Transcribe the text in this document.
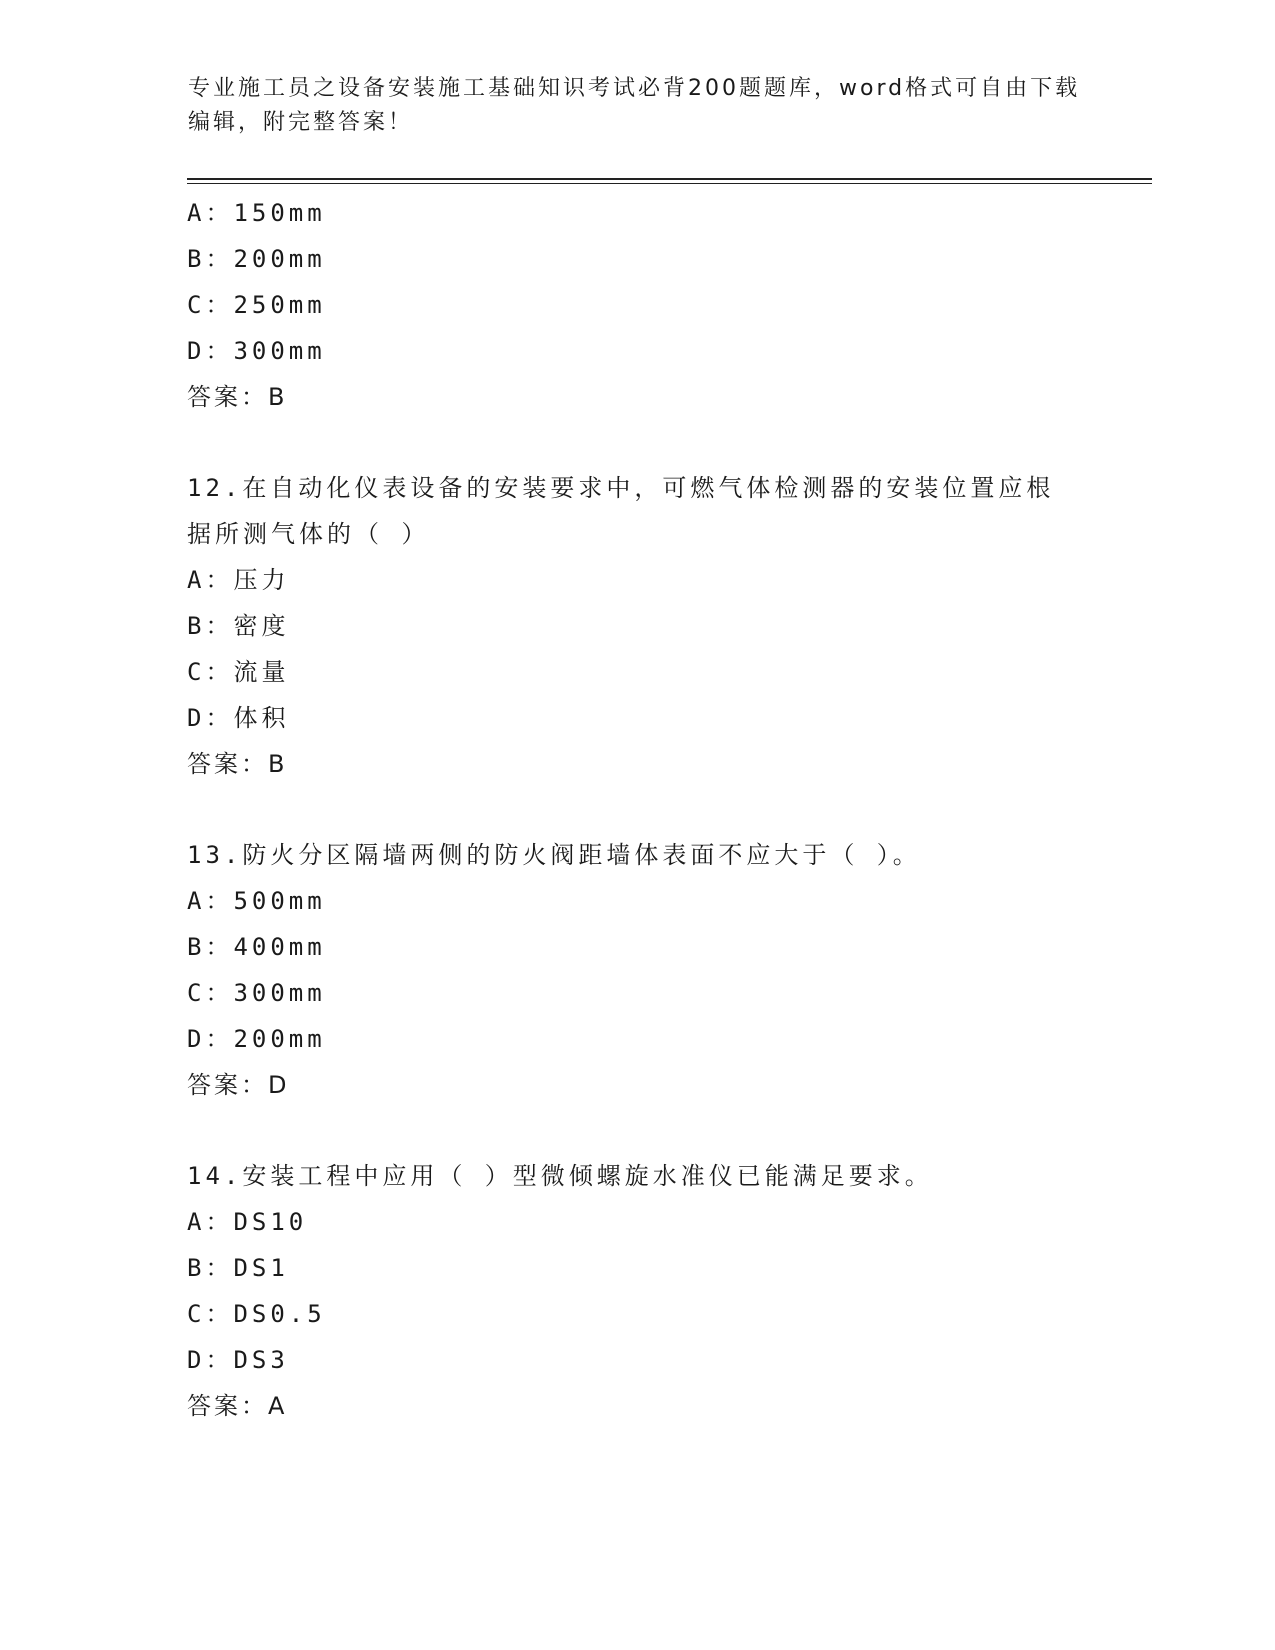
专业施工员之设备安装施工基础知识考试必背200题题库，word格式可自由下载
编辑，附完整答案！
A：150mm
B：200mm
C：250mm
D：300mm
答案：B
12.在自动化仪表设备的安装要求中，可燃气体检测器的安装位置应根
据所测气体的（ ）
A：压力
B：密度
C：流量
D：体积
答案：B
13.防火分区隔墙两侧的防火阀距墙体表面不应大于（ ）。
A：500mm
B：400mm
C：300mm
D：200mm
答案：D
14.安装工程中应用（ ）型微倾螺旋水准仪已能满足要求。
A：DS10
B：DS1
C：DS0.5
D：DS3
答案：A
